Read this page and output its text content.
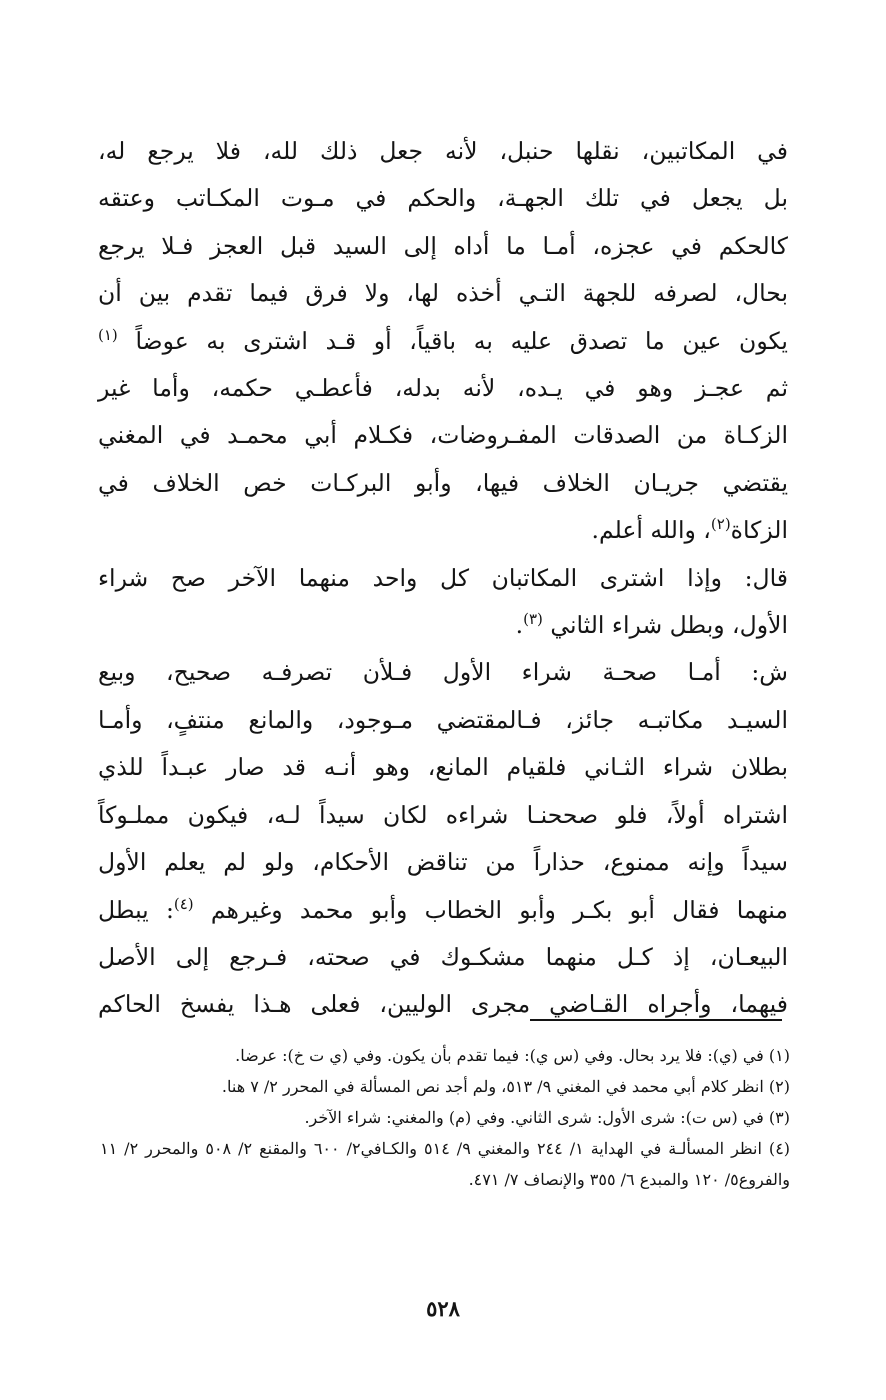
في المكاتبين، نقلها حنبل، لأنه جعل ذلك لله، فلا يرجع له،

بل يجعل في تلك الجهـة، والحكم في مـوت المكـاتب وعتقه

كالحكم في عجزه، أمـا ما أداه إلى السيد قبل العجز فـلا يرجع

بحال، لصرفه للجهة التـي أخذه لها، ولا فرق فيما تقدم بين أن

يكون عين ما تصدق عليه به باقياً، أو قـد اشترى به عوضاً $^{(١)}$

ثم عجـز وهو في يـده، لأنه بدله، فأعطـي حكمه، وأما غير

الزكـاة من الصدقات المفـروضات، فكـلام أبي محمـد في المغني

يقتضي جريـان الخلاف فيها، وأبو البركـات خص الخلاف في

الزكاة$^{(٢)}$، والله أعلم.

قال: وإذا اشترى المكاتبان كل واحد منهما الآخر صح شراء

الأول، وبطل شراء الثاني $^{(٣)}$.

ش: أمـا صحـة شراء الأول فـلأن تصرفـه صحيح، وبيع

السيـد مكاتبـه جائز، فـالمقتضي مـوجود، والمانع منتفٍ، وأمـا

بطلان شراء الثـاني فلقيام المانع، وهو أنـه قد صار عبـداً للذي

اشتراه أولاً، فلو صححنـا شراءه لكان سيداً لـه، فيكون مملـوكاً

سيداً وإنه ممنوع، حذاراً من تناقض الأحكام، ولو لم يعلم الأول

منهما فقال أبو بكـر وأبو الخطاب وأبو محمد وغيرهم $^{(٤)}$: يبطل

البيعـان، إذ كـل منهما مشكـوك في صحته، فـرجع إلى الأصل

فيهما، وأجراه القـاضي مجرى الوليين، فعلى هـذا يفسخ الحاكم

(١) في (ي): فلا يرد بحال. وفي (س ي): فيما تقدم بأن يكون. وفي (ي ت خ): عرضا.

(٢) انظر كلام أبي محمد في المغني ٩/ ٥١٣، ولم أجد نص المسألة في المحرر ٢/ ٧ هنا.

(٣) في (س ت): شرى الأول: شرى الثاني. وفي (م) والمغني: شراء الآخر.

(٤) انظر المسألـة في الهداية ١/ ٢٤٤ والمغني ٩/ ٥١٤ والكـافي٢/ ٦٠٠ والمقنع ٢/ ٥٠٨ والمحرر ٢/ ١١ والفروع٥/ ١٢٠ والمبدع ٦/ ٣٥٥ والإنصاف ٧/ ٤٧١.

٥٢٨
